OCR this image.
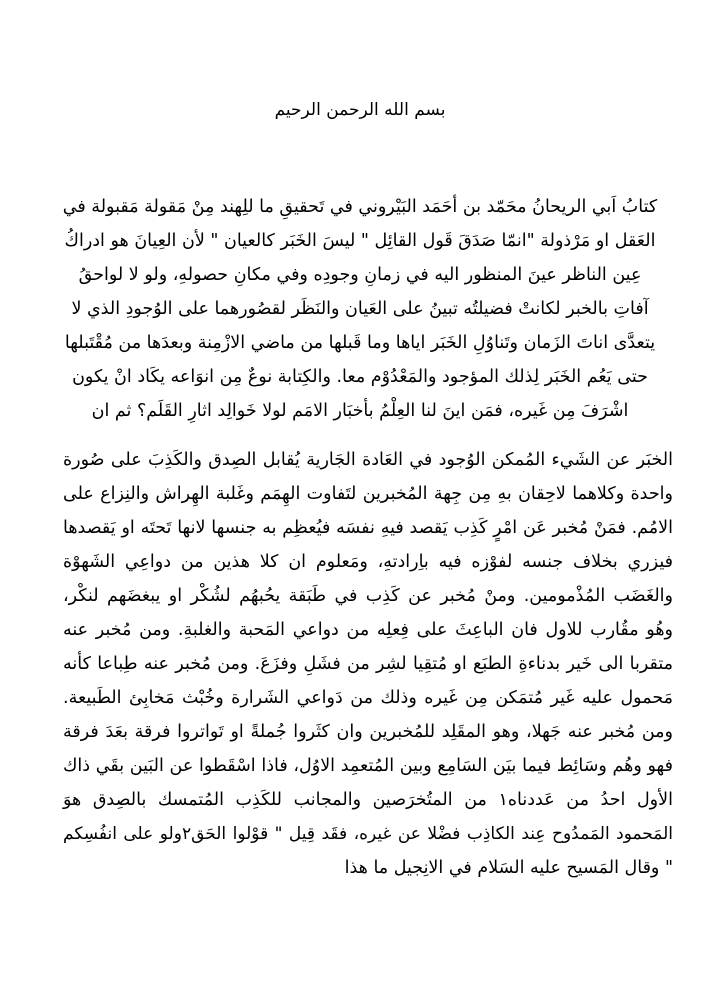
بسم الله الرحمن الرحيم
كتابُ اَبي الريحانُ محَمّد بن أحَمَد البَيْروني في تَحقيقِ ما للِهند مِنْ مَقولة مَقبولة في
العَقل او مَرْذولة "انمّا صَدَقَ قَول القائِل " ليسَ الخَبَر كالعيان " لأن العِيانَ هو ادراكُ
عِين الناظر عينَ المنظور اليه في زمانِ وجودِه وفي مكانِ حصولهِ، ولو لا لواحقُ
آفاتِ بالخبر لكانتْ فضيلتُه تبينُ على العَيان والنَظَر لقصُورهما على الوُجودِ الذي لا
يتعدَّى اناتَ الزَمان وتَناوُلِ الخَبَر اياها وما قَبلها من ماضي الازْمِنة وبعدَها من مُقْتَبلها
حتى يَعُم الخَبَر لِذلك المؤجود والمَعْدُوْم معا. والكِتابة نوعٌ مِن انوَاعه يكَاد انْ يكون
اشْرَفَ مِن غَيره، فمَن اينَ لنا العِلْمُ بأخبَار الامَم لولا خَوالِد اثارِ القَلَم؟ ثم ان
الخبَر عن الشَيء المُمكن الوُجود في العَادة الجَارية يُقابل الصِدق والكَذِبَ على صُورة
واحدة وكلاهما لاحِقان بهِ مِن جِهة المُخبرين لتَفاوت الهِمَم وغَلبة الهِراش والنِزاع على
الامُم. فمَنْ مُخبر عَن امْرٍ كَذِب يَقصد فيهِ نفسَه فيُعظِم به جنسها لانها تَحتَه او يَقصدها
فيزري بخلاف جنسه لفوْزه فيه باِرادتهِ، ومَعلوم ان كلا هذين من دواعِي الشَهوْة
والغَضَب المُذْمومين. ومنْ مُخبر عن كَذِب في طَبَقة يحُبهُم لشُكْر او يبغضَهم لنكْر،
وهُو مقُارب للاول فان الباعِثَ على فِعلِه من دواعي المَحبة والغلبةِ. ومن مُخبر عنه
متقربا الى خَير بدناءةِ الطبَع او مُتقِيا لشِر من فشَلِ وفزَعَ. ومن مُخبر عنه طِباعا كأنه
مَحمول عليه غَير مُتمَكن مِن غَيره وذلك من دَواعي الشَرارة وخُبْث مَخابِئ الطَبيعة.
ومن مُخبر عنه جَهلا، وهو المقَلِد للمُخبرين وان كثَروا جُملةً او تَواتروا فرقة بعَدَ فرقة
فهو وهُم وسَائِط فيما بيَن السَامِع وبين المُتعمِد الاوُل، فاذا اسْقَطوا عن البَين بقَي ذاك
الأول احدُ من عَددناه١ من المتُخرَصين والمجانب للكَذِب المُتمسك بالصِدق هوَ
المَحمود المَمدُوح عِند الكاذِب فضْلا عن غيره، فقَد قِيل " قوْلوا الحَق٢ولو على انفُسِكم
" وقال المَسيح عليه السَلام في الانِجيل ما هذا
